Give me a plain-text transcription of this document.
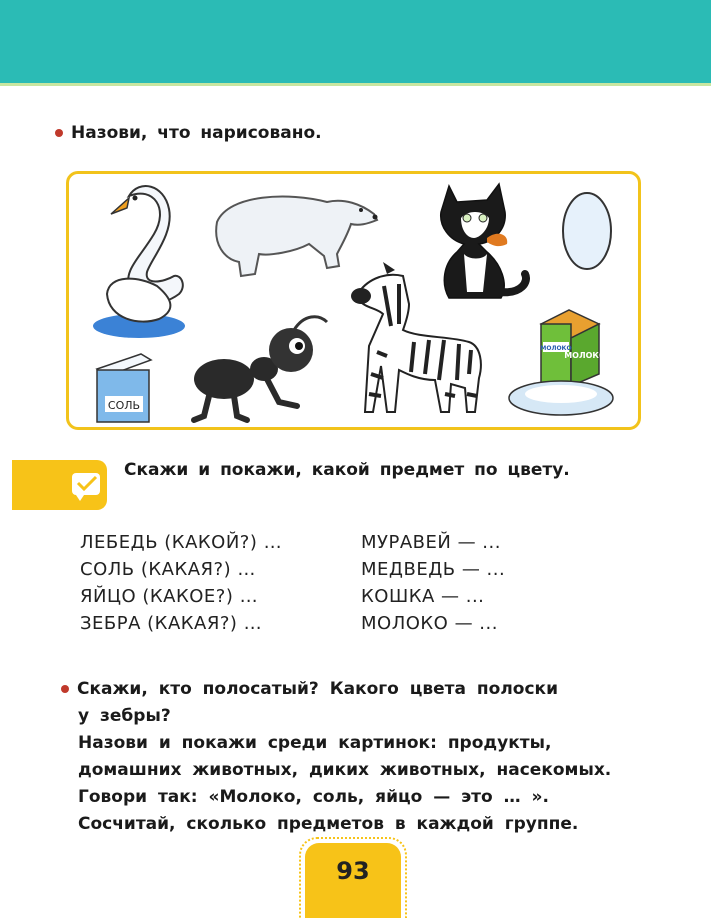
Назови, что нарисовано.
СОЛЬ
МОЛОКО
МОЛОКО
Скажи и покажи, какой предмет по цвету.
ЛЕБЕДЬ (КАКОЙ?) …
СОЛЬ (КАКАЯ?) …
ЯЙЦО (КАКОЕ?) …
ЗЕБРА (КАКАЯ?) …
МУРАВЕЙ — ...
МЕДВЕДЬ — ...
КОШКА — ...
МОЛОКО — ...
Скажи, кто полосатый? Какого цвета полоски
у зебры?
Назови и покажи среди картинок: продукты,
домашних животных, диких животных, насекомых.
Говори так: «Молоко, соль, яйцо — это … ».
Сосчитай, сколько предметов в каждой группе.
93
